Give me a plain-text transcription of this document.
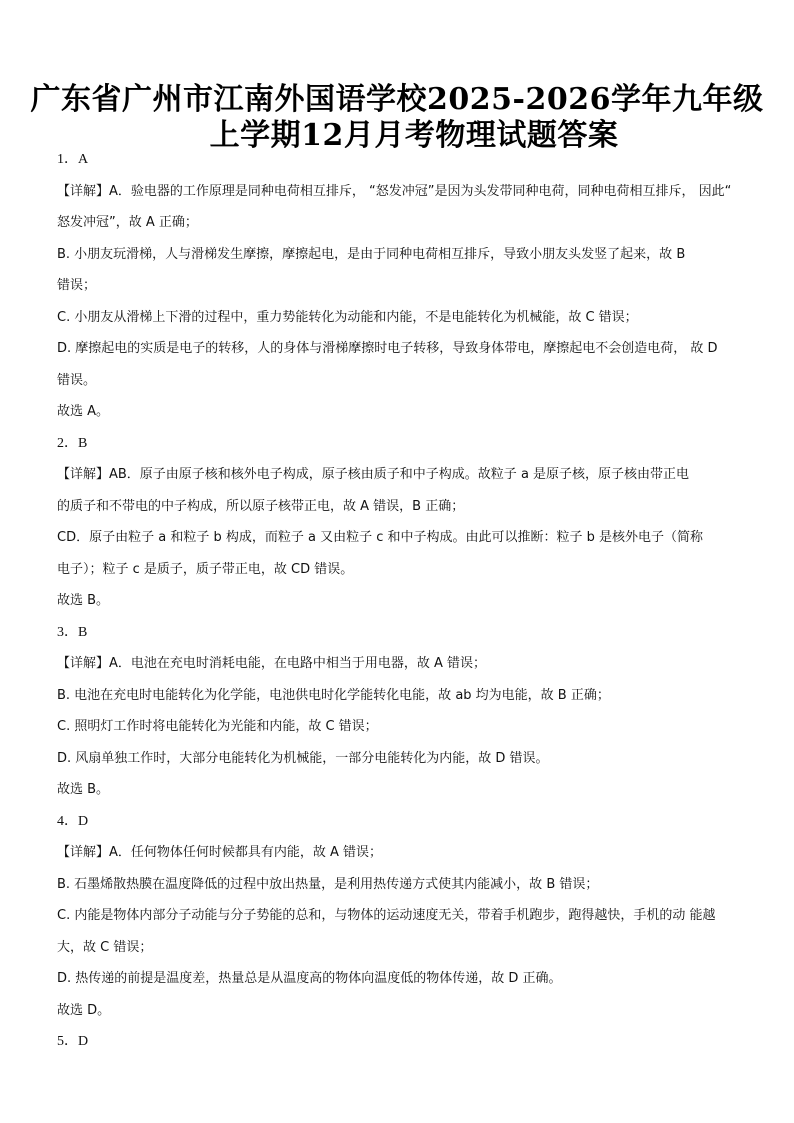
广东省广州市江南外国语学校2025-2026学年九年级
上学期12月月考物理试题答案
1．A
【详解】A．验电器的工作原理是同种电荷相互排斥， “怒发冲冠”是因为头发带同种电荷，同种电荷相互排斥， 因此“
怒发冲冠”，故 A 正确；
B. 小朋友玩滑梯，人与滑梯发生摩擦，摩擦起电，是由于同种电荷相互排斥，导致小朋友头发竖了起来，故 B
错误；
C. 小朋友从滑梯上下滑的过程中，重力势能转化为动能和内能，不是电能转化为机械能，故 C 错误；
D. 摩擦起电的实质是电子的转移，人的身体与滑梯摩擦时电子转移，导致身体带电，摩擦起电不会创造电荷， 故 D
错误。
故选 A。
2．B
【详解】AB．原子由原子核和核外电子构成，原子核由质子和中子构成。故粒子 a 是原子核，原子核由带正电
的质子和不带电的中子构成，所以原子核带正电，故 A 错误，B 正确；
CD．原子由粒子 a 和粒子 b 构成，而粒子 a 又由粒子 c 和中子构成。由此可以推断：粒子 b 是核外电子（简称
电子）；粒子 c 是质子，质子带正电，故 CD 错误。
故选 B。
3．B
【详解】A．电池在充电时消耗电能，在电路中相当于用电器，故 A 错误；
B. 电池在充电时电能转化为化学能，电池供电时化学能转化电能，故 ab 均为电能，故 B 正确；
C. 照明灯工作时将电能转化为光能和内能，故 C 错误；
D. 风扇单独工作时，大部分电能转化为机械能，一部分电能转化为内能，故 D 错误。
故选 B。
4．D
【详解】A．任何物体任何时候都具有内能，故 A 错误；
B. 石墨烯散热膜在温度降低的过程中放出热量，是利用热传递方式使其内能减小，故 B 错误；
C. 内能是物体内部分子动能与分子势能的总和，与物体的运动速度无关，带着手机跑步，跑得越快，手机的动 能越
大，故 C 错误；
D. 热传递的前提是温度差，热量总是从温度高的物体向温度低的物体传递，故 D 正确。
故选 D。
5．D
